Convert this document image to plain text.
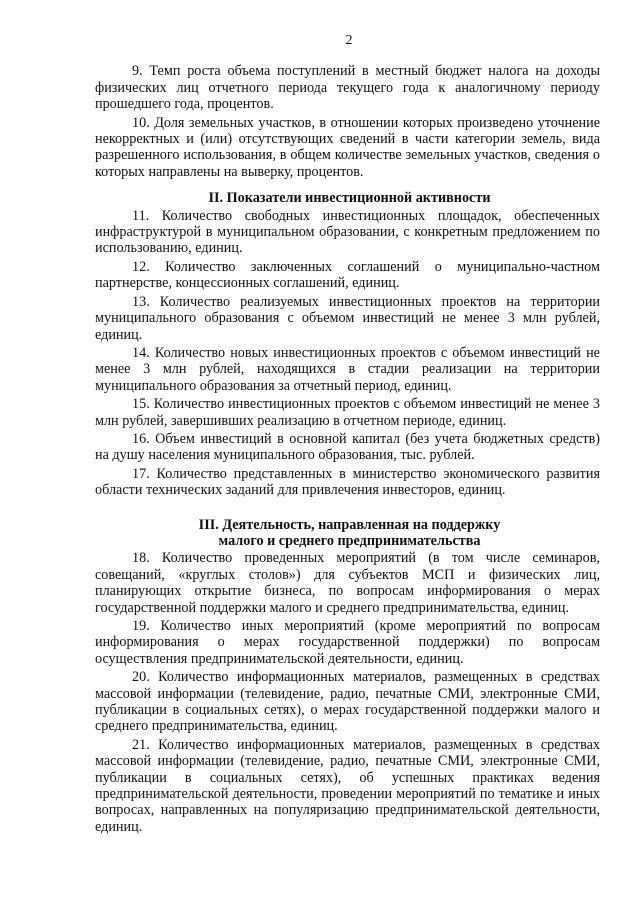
2

9. Темп роста объема поступлений в местный бюджет налога на доходы физических лиц отчетного периода текущего года к аналогичному периоду прошедшего года, процентов.

10. Доля земельных участков, в отношении которых произведено уточнение некорректных и (или) отсутствующих сведений в части категории земель, вида разрешенного использования, в общем количестве земельных участков, сведения о которых направлены на выверку, процентов.

II. Показатели инвестиционной активности

11. Количество свободных инвестиционных площадок, обеспеченных инфраструктурой в муниципальном образовании, с конкретным предложением по использованию, единиц.

12. Количество заключенных соглашений о муниципально-частном партнерстве, концессионных соглашений, единиц.

13. Количество реализуемых инвестиционных проектов на территории муниципального образования с объемом инвестиций не менее 3 млн рублей, единиц.

14. Количество новых инвестиционных проектов с объемом инвестиций не менее 3 млн рублей, находящихся в стадии реализации на территории муниципального образования за отчетный период, единиц.

15. Количество инвестиционных проектов с объемом инвестиций не менее 3 млн рублей, завершивших реализацию в отчетном периоде, единиц.

16. Объем инвестиций в основной капитал (без учета бюджетных средств) на душу населения муниципального образования, тыс. рублей.

17. Количество представленных в министерство экономического развития области технических заданий для привлечения инвесторов, единиц.

III. Деятельность, направленная на поддержку
малого и среднего предпринимательства

18. Количество проведенных мероприятий (в том числе семинаров, совещаний, «круглых столов») для субъектов МСП и физических лиц, планирующих открытие бизнеса, по вопросам информирования о мерах государственной поддержки малого и среднего предпринимательства, единиц.

19. Количество иных мероприятий (кроме мероприятий по вопросам информирования о мерах государственной поддержки) по вопросам осуществления предпринимательской деятельности, единиц.

20. Количество информационных материалов, размещенных в средствах массовой информации (телевидение, радио, печатные СМИ, электронные СМИ, публикации в социальных сетях), о мерах государственной поддержки малого и среднего предпринимательства, единиц.

21. Количество информационных материалов, размещенных в средствах массовой информации (телевидение, радио, печатные СМИ, электронные СМИ, публикации в социальных сетях), об успешных практиках ведения предпринимательской деятельности, проведении мероприятий по тематике и иных вопросах, направленных на популяризацию предпринимательской деятельности, единиц.
